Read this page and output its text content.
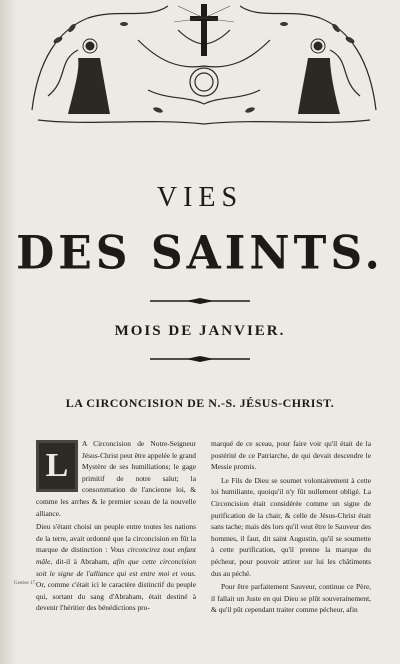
VIES
DES SAINTS.
MOIS DE JANVIER.
LA CIRCONCISION DE N.-S. JÉSUS-CHRIST.

L
A Circoncision de Notre-Seigneur Jésus-Christ peut être appelée le grand Mystère de ses humiliations; le gage primitif de notre salut; la consommation de l'ancienne loi, & comme les arrhes & le premier sceau de la nouvelle alliance.

Dieu s'étant choisi un peuple entre toutes les nations de la terre, avait ordonné que la circoncision en fût la marque de distinction : Vous circoncirez tout enfant mâle, dit-il à Abraham, afin que cette circoncision soit le signe de l'alliance qui est entre moi et vous. Or, comme c'était ici le caractère distinctif du peuple qui, sortant du sang d'Abraham, était destiné à devenir l'héritier des bénédictions pro-

Genèse 17.

marqué de ce sceau, pour faire voir qu'il était de la postérité de ce Patriarche, de qui devait descendre le Messie promis.

Le Fils de Dieu se soumet volontairement à cette loi humiliante, quoiqu'il n'y fût nullement obligé. La Circoncision était considérée comme un signe de purification de la chair, & celle de Jésus-Christ était sans tache; mais dès lors qu'il veut être le Sauveur des hommes, il faut, dit saint Augustin, qu'il se soumette à cette purification, qu'il prenne la marque du pécheur, pour pouvoir attirer sur lui les châtiments dus au péché.

Pour être parfaitement Sauveur, continue ce Père, il fallait un Juste en qui Dieu se plût souverainement, & qu'il pût cependant traiter comme pécheur, afin
